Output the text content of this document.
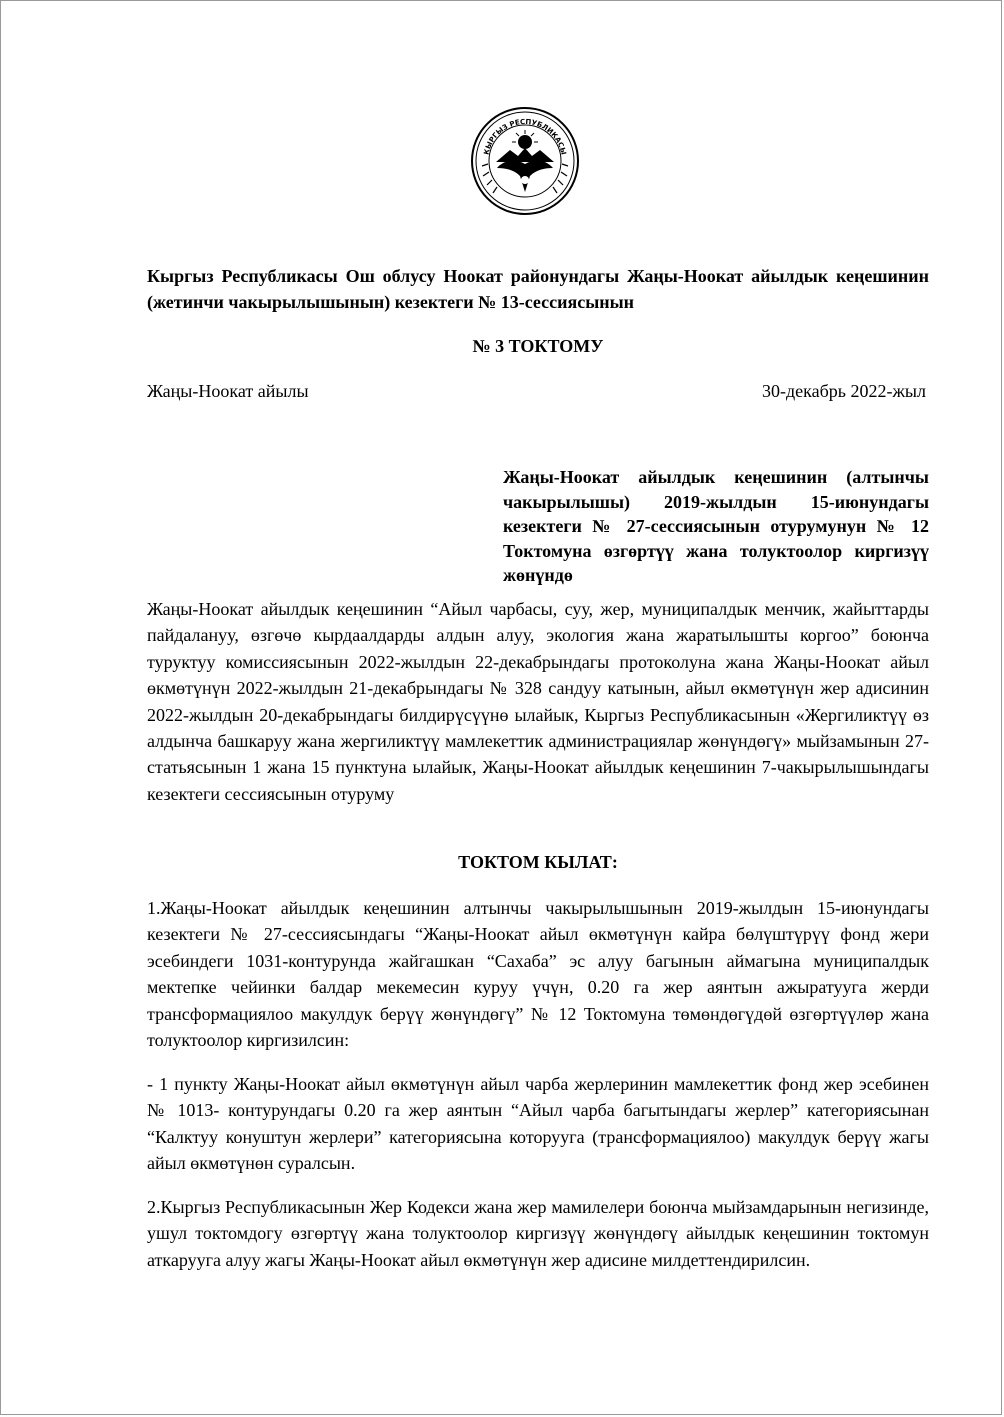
КЫРГЫЗ РЕСПУБЛИКАСЫ
Кыргыз Республикасы Ош облусу Ноокат районундагы Жаңы-Ноокат айылдык кеңешинин (жетинчи чакырылышынын) кезектеги № 13-сессиясынын
№ 3 ТОКТОМУ
Жаңы-Ноокат айылы	30-декабрь 2022-жыл
Жаңы-Ноокат айылдык кеңешинин (алтынчы чакырылышы) 2019-жылдын 15-июнундагы кезектеги № 27-сессиясынын отурумунун № 12 Токтомуна өзгөртүү жана толуктоолор киргизүү жөнүндө
Жаңы-Ноокат айылдык кеңешинин “Айыл чарбасы, суу, жер, муниципалдык менчик, жайыттарды пайдалануу, өзгөчө кырдаалдарды алдын алуу, экология жана жаратылышты коргоо” боюнча туруктуу комиссиясынын 2022-жылдын 22-декабрындагы протоколуна жана Жаңы-Ноокат айыл өкмөтүнүн 2022-жылдын 21-декабрындагы № 328 сандуу катынын, айыл өкмөтүнүн жер адисинин 2022-жылдын 20-декабрындагы билдирүсүүнө ылайык, Кыргыз Республикасынын «Жергиликтүү өз алдынча башкаруу жана жергиликтүү мамлекеттик администрациялар жөнүндөгү» мыйзамынын 27-статьясынын 1 жана 15 пунктуна ылайык, Жаңы-Ноокат айылдык кеңешинин 7-чакырылышындагы кезектеги сессиясынын отуруму
ТОКТОМ КЫЛАТ:
1.Жаңы-Ноокат айылдык кеңешинин алтынчы чакырылышынын 2019-жылдын 15-июнундагы кезектеги № 27-сессиясындагы “Жаңы-Ноокат айыл өкмөтүнүн кайра бөлүштүрүү фонд жери эсебиндеги 1031-контурунда жайгашкан “Сахаба” эс алуу багынын аймагына муниципалдык мектепке чейинки балдар мекемесин куруу үчүн, 0.20 га жер аянтын ажыратууга жерди трансформациялоо макулдук берүү жөнүндөгү” № 12 Токтомуна төмөндөгүдөй өзгөртүүлөр жана толуктоолор киргизилсин:
- 1 пункту Жаңы-Ноокат айыл өкмөтүнүн айыл чарба жерлеринин мамлекеттик фонд жер эсебинен № 1013- контурундагы 0.20 га жер аянтын “Айыл чарба багытындагы жерлер” категориясынан “Калктуу конуштун жерлери” категориясына которууга (трансформациялоо) макулдук берүү жагы айыл өкмөтүнөн суралсын.
2.Кыргыз Республикасынын Жер Кодекси жана жер мамилелери боюнча мыйзамдарынын негизинде, ушул токтомдогу өзгөртүү жана толуктоолор киргизүү жөнүндөгү айылдык кеңешинин токтомун аткарууга алуу жагы Жаңы-Ноокат айыл өкмөтүнүн жер адисине милдеттендирилсин.
